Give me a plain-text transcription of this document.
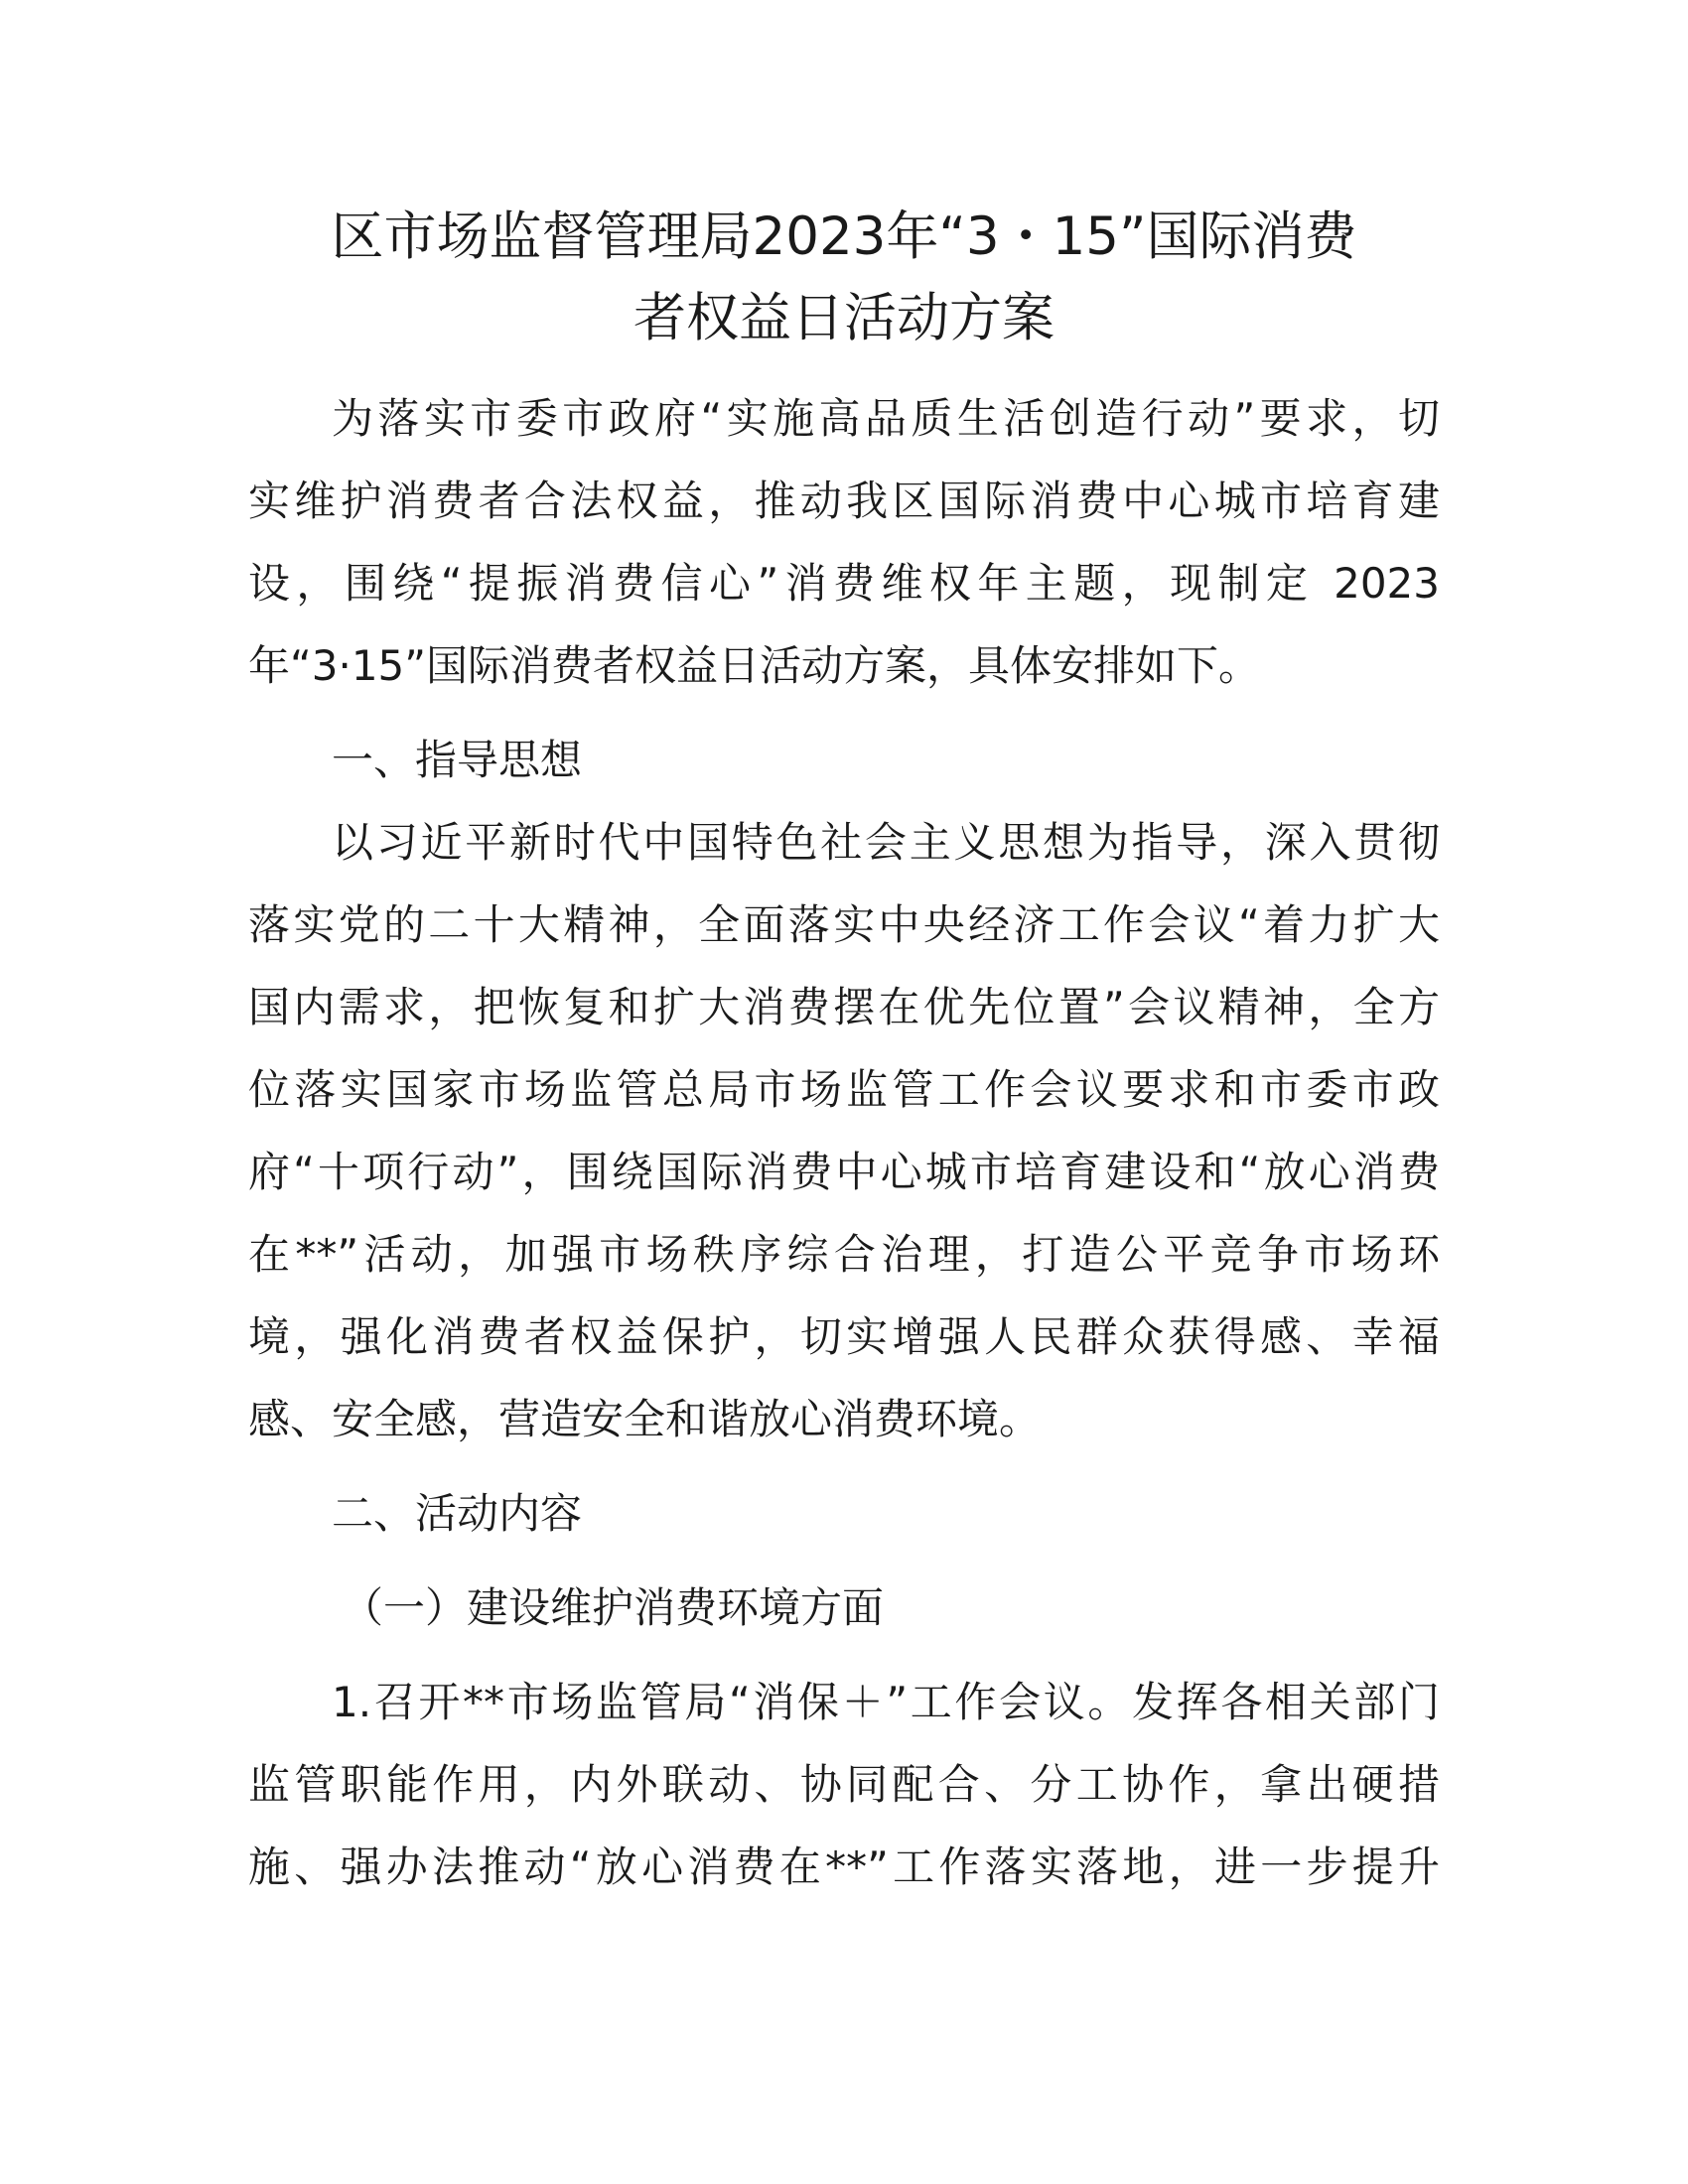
区市场监督管理局2023年“3・15”国际消费
者权益日活动方案
为落实市委市政府“实施高品质生活创造行动”要求，切
实维护消费者合法权益，推动我区国际消费中心城市培育建
设，围绕“提振消费信心”消费维权年主题，现制定 2023
年“3·15”国际消费者权益日活动方案，具体安排如下。
一、指导思想
以习近平新时代中国特色社会主义思想为指导，深入贯彻
落实党的二十大精神，全面落实中央经济工作会议“着力扩大
国内需求，把恢复和扩大消费摆在优先位置”会议精神，全方
位落实国家市场监管总局市场监管工作会议要求和市委市政
府“十项行动”，围绕国际消费中心城市培育建设和“放心消费
在**”活动，加强市场秩序综合治理，打造公平竞争市场环
境，强化消费者权益保护，切实增强人民群众获得感、幸福
感、安全感，营造安全和谐放心消费环境。
二、活动内容
（一）建设维护消费环境方面
1.召开**市场监管局“消保＋”工作会议。发挥各相关部门
监管职能作用，内外联动、协同配合、分工协作，拿出硬措
施、强办法推动“放心消费在**”工作落实落地，进一步提升
